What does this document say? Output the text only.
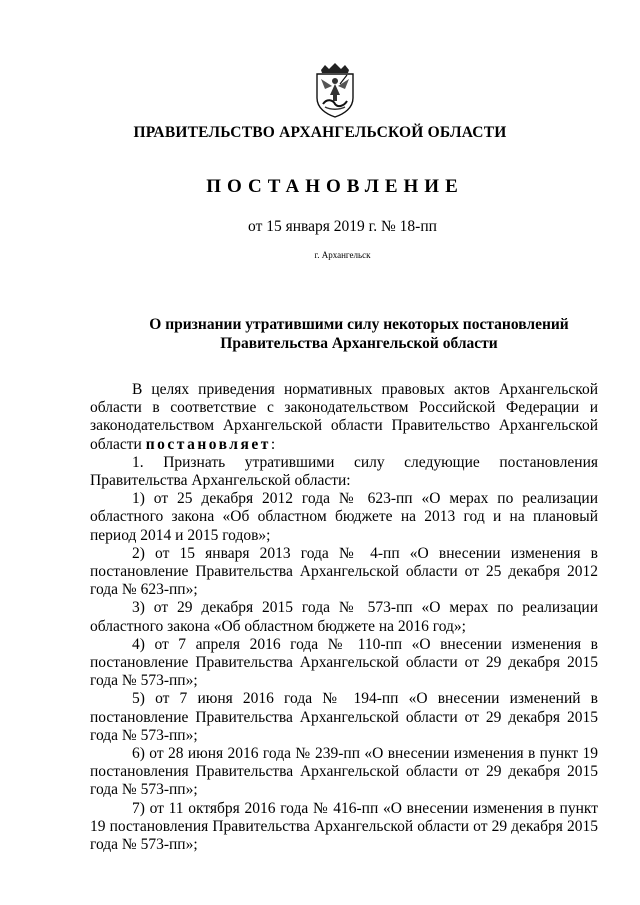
ПРАВИТЕЛЬСТВО АРХАНГЕЛЬСКОЙ ОБЛАСТИ
ПОСТАНОВЛЕНИЕ
от 15 января 2019 г. № 18-пп
г. Архангельск
О признании утратившими силу некоторых постановлений
Правительства Архангельской области

В целях приведения нормативных правовых актов Архангельской области в соответствие с законодательством Российской Федерации и законодательством Архангельской области Правительство Архангельской области постановляет:

1. Признать утратившими силу следующие постановления Правительства Архангельской области:

1) от 25 декабря 2012 года № 623-пп «О мерах по реализации областного закона «Об областном бюджете на 2013 год и на плановый период 2014 и 2015 годов»;

2) от 15 января 2013 года № 4-пп «О внесении изменения в постановление Правительства Архангельской области от 25 декабря 2012 года № 623-пп»;

3) от 29 декабря 2015 года № 573-пп «О мерах по реализации областного закона «Об областном бюджете на 2016 год»;

4) от 7 апреля 2016 года № 110-пп «О внесении изменения в постановление Правительства Архангельской области от 29 декабря 2015 года № 573-пп»;

5) от 7 июня 2016 года № 194-пп «О внесении изменений в постановление Правительства Архангельской области от 29 декабря 2015 года № 573-пп»;

6) от 28 июня 2016 года № 239-пп «О внесении изменения в пункт 19 постановления Правительства Архангельской области от 29 декабря 2015 года № 573-пп»;

7) от 11 октября 2016 года № 416-пп «О внесении изменения в пункт 19 постановления Правительства Архангельской области от 29 декабря 2015 года № 573-пп»;
